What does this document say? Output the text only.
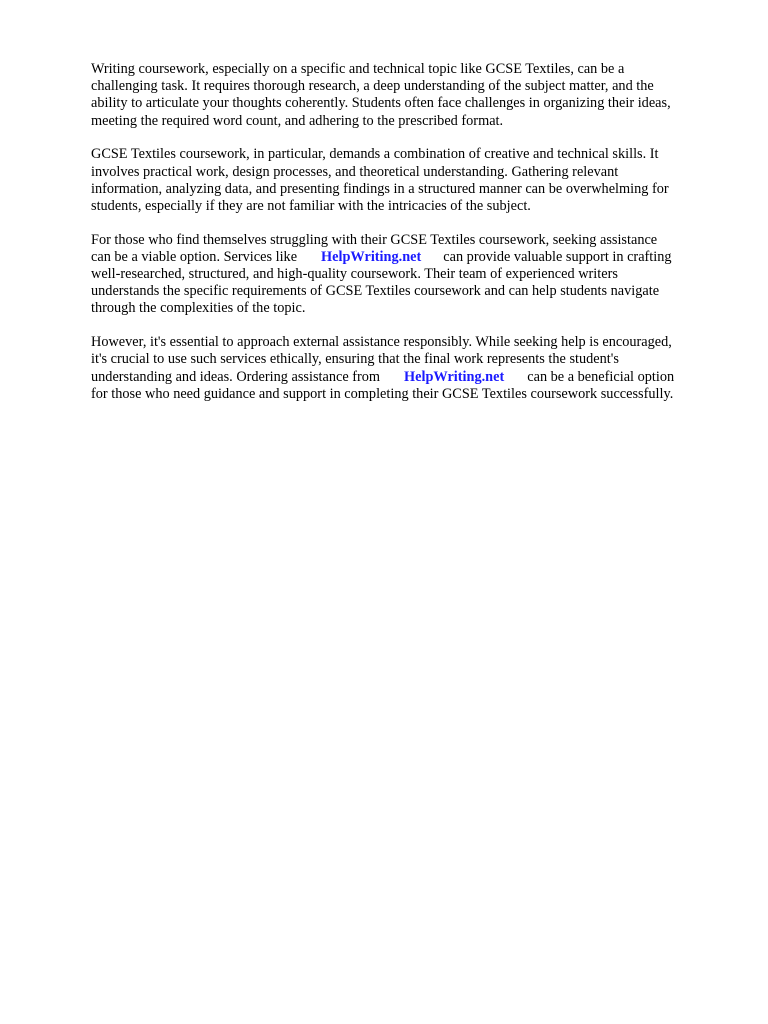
Writing coursework, especially on a specific and technical topic like GCSE Textiles, can be a
challenging task. It requires thorough research, a deep understanding of the subject matter, and the
ability to articulate your thoughts coherently. Students often face challenges in organizing their ideas,
meeting the required word count, and adhering to the prescribed format.

GCSE Textiles coursework, in particular, demands a combination of creative and technical skills. It
involves practical work, design processes, and theoretical understanding. Gathering relevant
information, analyzing data, and presenting findings in a structured manner can be overwhelming for
students, especially if they are not familiar with the intricacies of the subject.

For those who find themselves struggling with their GCSE Textiles coursework, seeking assistance
can be a viable option. Services like HelpWriting.net can provide valuable support in crafting
well-researched, structured, and high-quality coursework. Their team of experienced writers
understands the specific requirements of GCSE Textiles coursework and can help students navigate
through the complexities of the topic.

However, it's essential to approach external assistance responsibly. While seeking help is encouraged,
it's crucial to use such services ethically, ensuring that the final work represents the student's
understanding and ideas. Ordering assistance from HelpWriting.net can be a beneficial option
for those who need guidance and support in completing their GCSE Textiles coursework successfully.
